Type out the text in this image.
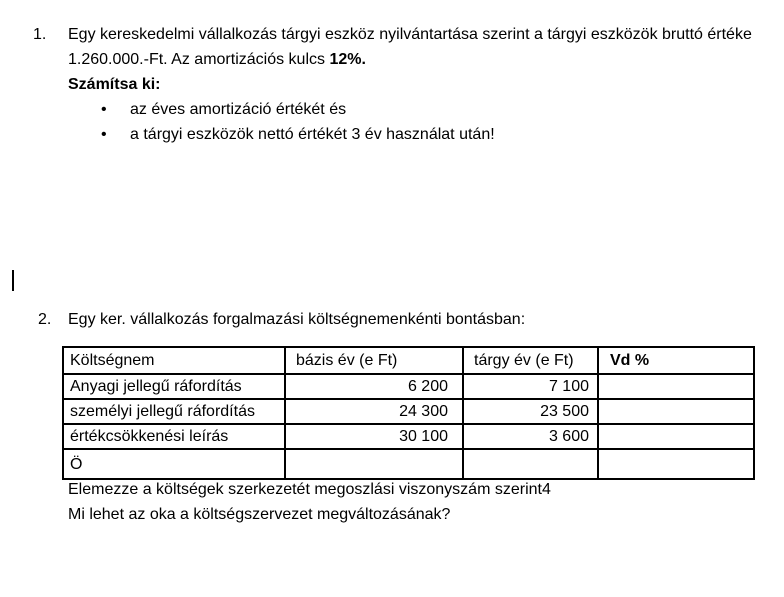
1.	Egy kereskedelmi vállalkozás tárgyi eszköz nyilvántartása szerint a tárgyi eszközök bruttó értéke
1.260.000.-Ft. Az amortizációs kulcs 12%.
Számítsa ki:
• az éves amortizáció értékét és
• a tárgyi eszközök nettó értékét 3 év használat után!
2.	Egy ker. vállalkozás forgalmazási költségnemenkénti bontásban:
Költségnem	bázis év (e Ft)	tárgy év (e Ft)	Vd %
Anyagi jellegű ráfordítás	6 200	7 100	
személyi jellegű ráfordítás	24 300	23 500	
értékcsökkenési leírás	30 100	3 600	
Ö			
Elemezze a költségek szerkezetét megoszlási viszonyszám szerint4
Mi lehet az oka a költségszervezet megváltozásának?
